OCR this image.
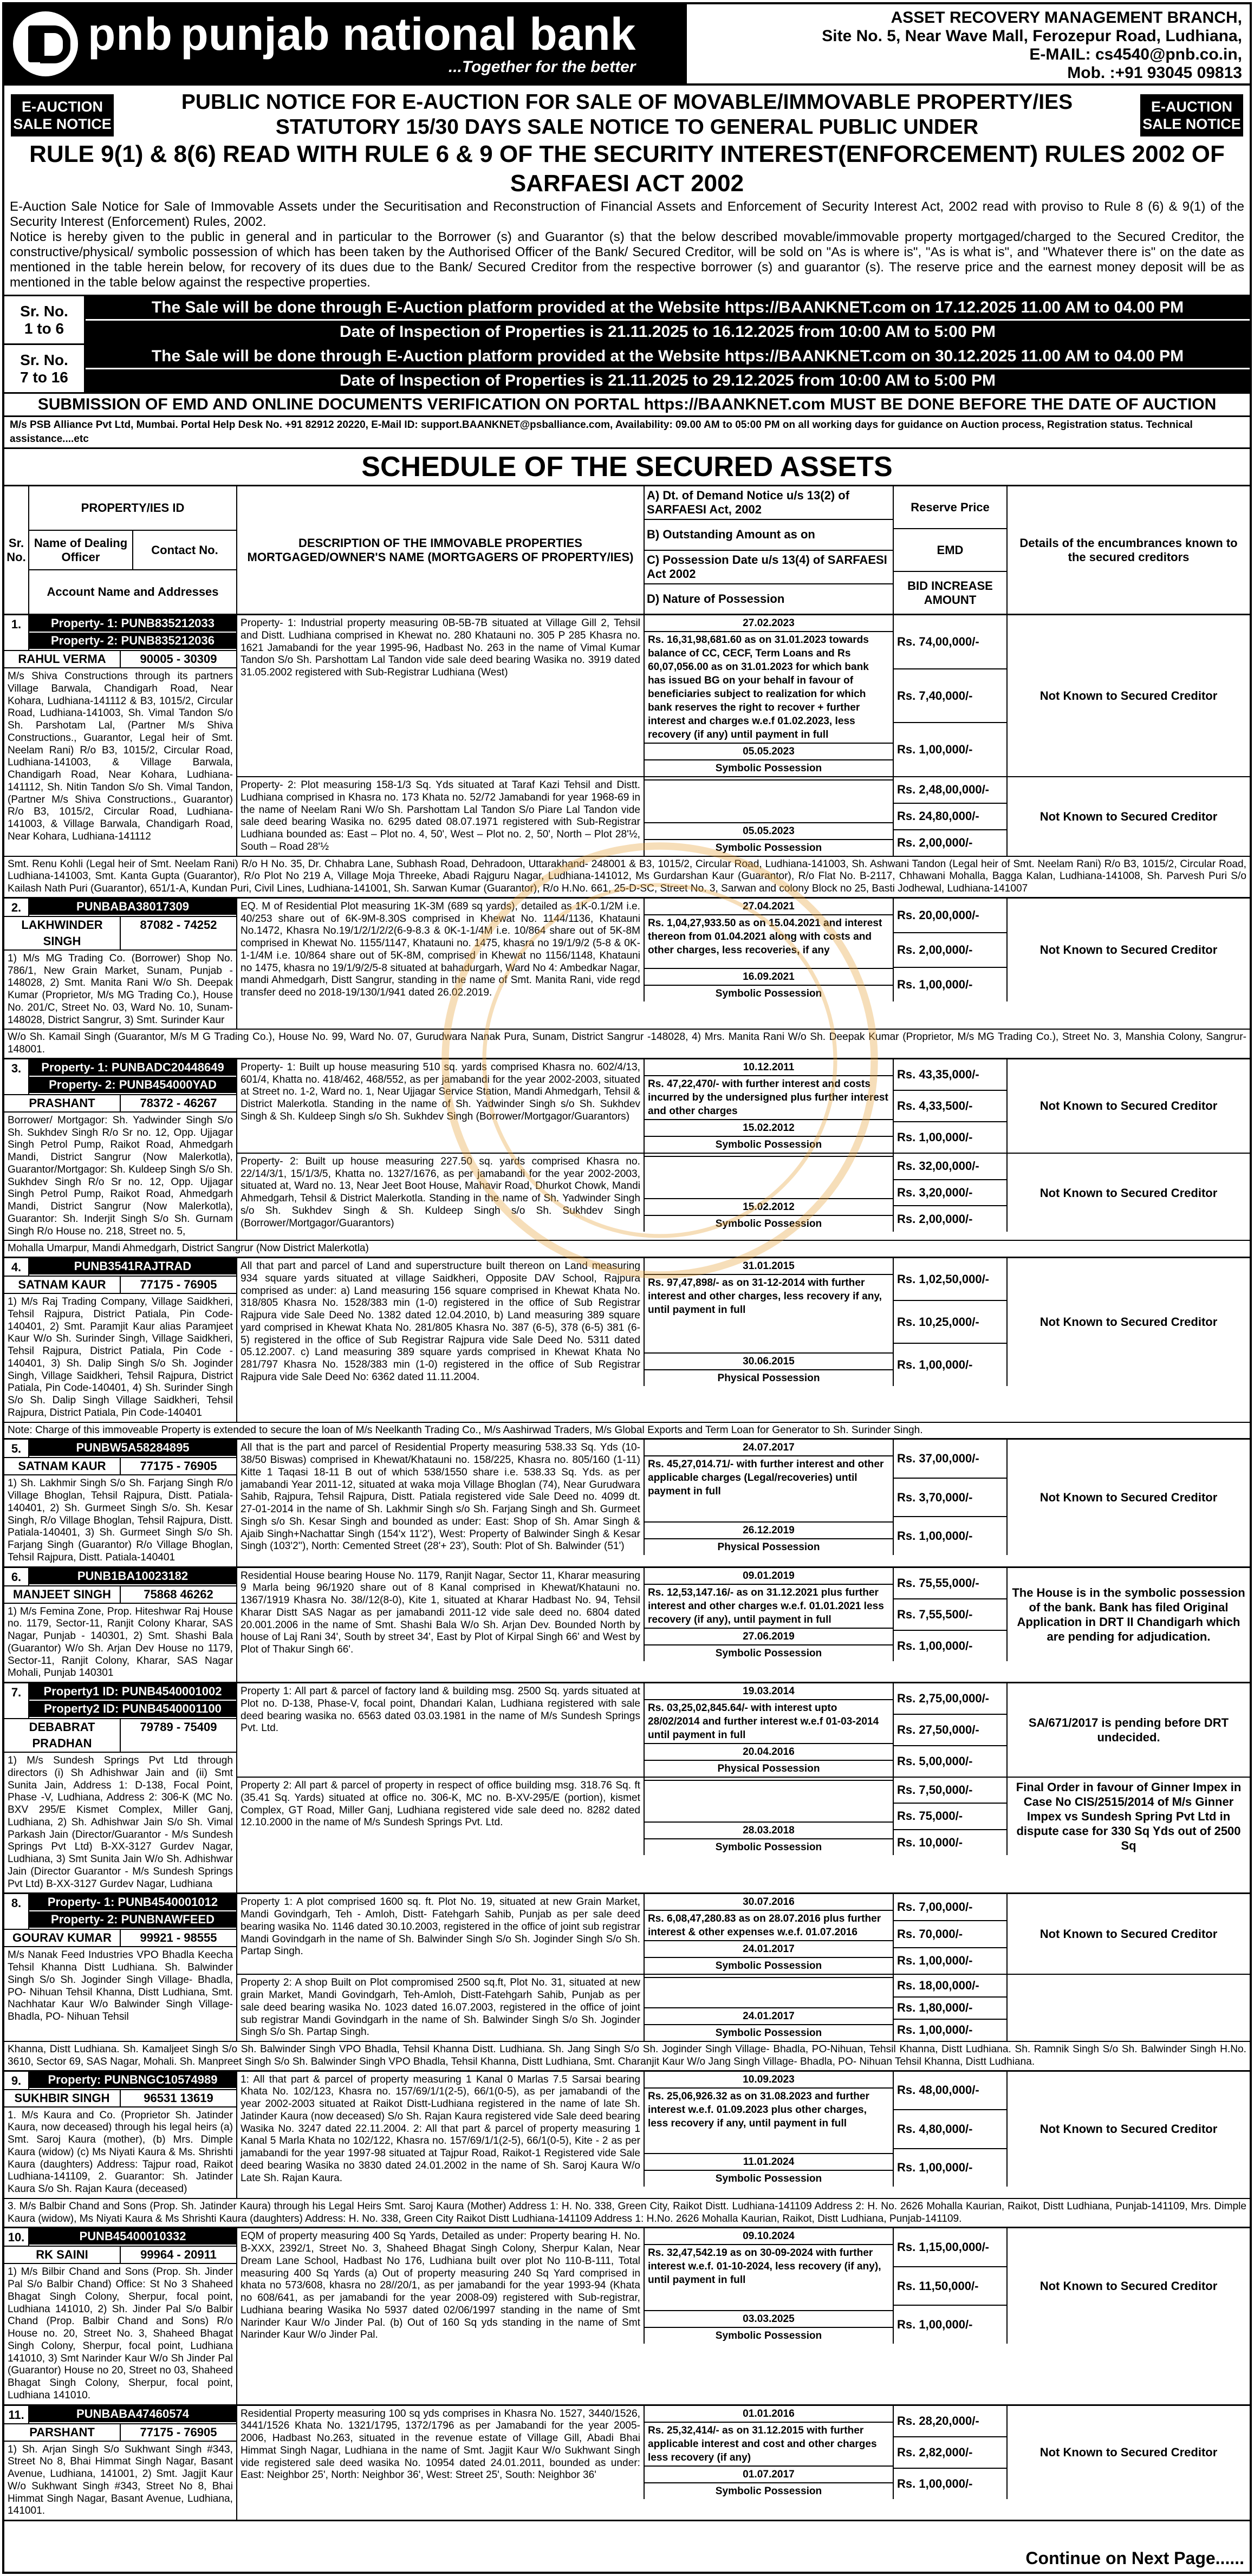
pnb punjab national bank
...Together for the better
ASSET RECOVERY MANAGEMENT BRANCH,
Site No. 5, Near Wave Mall, Ferozepur Road, Ludhiana,
E-MAIL: cs4540@pnb.co.in,
Mob. :+91 93045 09813
E-AUCTION
SALE NOTICE
E-AUCTION
SALE NOTICE
PUBLIC NOTICE FOR E-AUCTION FOR SALE OF MOVABLE/IMMOVABLE PROPERTY/IES
STATUTORY 15/30 DAYS SALE NOTICE TO GENERAL PUBLIC UNDER
RULE 9(1) & 8(6) READ WITH RULE 6 & 9 OF THE SECURITY INTEREST(ENFORCEMENT) RULES 2002 OF SARFAESI ACT 2002

E-Auction Sale Notice for Sale of Immovable Assets under the Securitisation and Reconstruction of Financial Assets and Enforcement of Security Interest Act, 2002 read with proviso to Rule 8 (6) & 9(1) of the Security Interest (Enforcement) Rules, 2002.

Notice is hereby given to the public in general and in particular to the Borrower (s) and Guarantor (s) that the below described movable/immovable property mortgaged/charged to the Secured Creditor, the constructive/physical/ symbolic possession of which has been taken by the Authorised Officer of the Bank/ Secured Creditor, will be sold on "As is where is", "As is what is", and "Whatever there is" on the date as mentioned in the table herein below, for recovery of its dues due to the Bank/ Secured Creditor from the respective borrower (s) and guarantor (s). The reserve price and the earnest money deposit will be as mentioned in the table below against the respective properties.

Sr. No.
1 to 6
The Sale will be done through E-Auction platform provided at the Website https://BAANKNET.com on 17.12.2025 11.00 AM to 04.00 PM
Date of Inspection of Properties is 21.11.2025 to 16.12.2025 from 10:00 AM to 5:00 PM
Sr. No.
7 to 16
The Sale will be done through E-Auction platform provided at the Website https://BAANKNET.com on 30.12.2025 11.00 AM to 04.00 PM
Date of Inspection of Properties is 21.11.2025 to 29.12.2025 from 10:00 AM to 5:00 PM
SUBMISSION OF EMD AND ONLINE DOCUMENTS VERIFICATION ON PORTAL https://BAANKNET.com MUST BE DONE BEFORE THE DATE OF AUCTION
M/s PSB Alliance Pvt Ltd, Mumbai. Portal Help Desk No. +91 82912 20220, E-Mail ID: support.BAANKNET@psballiance.com, Availability: 09.00 AM to 05:00 PM on all working days for guidance on Auction process, Registration status. Technical assistance....etc
SCHEDULE OF THE SECURED ASSETS
Sr. No.
PROPERTY/IES ID
Name of Dealing Officer
Contact No.
Account Name and Addresses
DESCRIPTION OF THE IMMOVABLE PROPERTIES MORTGAGED/OWNER'S NAME (MORTGAGERS OF PROPERTY/IES)
A) Dt. of Demand Notice u/s 13(2) of SARFAESI Act, 2002
B) Outstanding Amount as on
C) Possession Date u/s 13(4) of SARFAESI Act 2002
D) Nature of Possession
Reserve Price
EMD
BID INCREASE AMOUNT
Details of the encumbrances known to the secured creditors
1.	Property- 1: PUNB835212033
Property- 2: PUNB835212036
RAHUL VERMA	90005 - 30309
M/s Shiva Constructions through its partners Village Barwala, Chandigarh Road, Near Kohara, Ludhiana-141112 & B3, 1015/2, Circular Road, Ludhiana-141003, Sh. Vimal Tandon S/o Sh. Parshotam Lal, (Partner M/s Shiva Constructions., Guarantor, Legal heir of Smt. Neelam Rani) R/o B3, 1015/2, Circular Road, Ludhiana-141003, & Village Barwala, Chandigarh Road, Near Kohara, Ludhiana-141112, Sh. Nitin Tandon S/o Sh. Vimal Tandon, (Partner M/s Shiva Constructions., Guarantor) R/o B3, 1015/2, Circular Road, Ludhiana-141003, & Village Barwala, Chandigarh Road, Near Kohara, Ludhiana-141112
Property- 1: Industrial property measuring 0B-5B-7B situated at Village Gill 2, Tehsil and Distt. Ludhiana comprised in Khewat no. 280 Khatauni no. 305 P 285 Khasra no. 1621 Jamabandi for the year 1995-96, Hadbast No. 263 in the name of Vimal Kumar Tandon S/o Sh. Parshottam Lal Tandon vide sale deed bearing Wasika no. 3919 dated 31.05.2002 registered with Sub-Registrar Ludhiana (West)
27.02.2023
Rs. 16,31,98,681.60 as on 31.01.2023 towards balance of CC, CECF, Term Loans and Rs 60,07,056.00 as on 31.01.2023 for which bank has issued BG on your behalf in favour of beneficiaries subject to realization for which bank reserves the right to recover + further interest and charges w.e.f 01.02.2023, less recovery (if any) until payment in full
05.05.2023
Symbolic Possession
Rs. 74,00,000/-
Rs. 7,40,000/-
Rs. 1,00,000/-
Not Known to Secured Creditor
Property- 2: Plot measuring 158-1/3 Sq. Yds situated at Taraf Kazi Tehsil and Distt. Ludhiana comprised in Khasra no. 173 Khata no. 52/72 Jamabandi for year 1968-69 in the name of Neelam Rani W/o Sh. Parshottam Lal Tandon S/o Piare Lal Tandon vide sale deed bearing Wasika no. 6295 dated 08.07.1971 registered with Sub-Registrar Ludhiana bounded as: East – Plot no. 4, 50', West – Plot no. 2, 50', North – Plot 28'½, South – Road 28'½
05.05.2023
Symbolic Possession
Rs. 2,48,00,000/-
Rs. 24,80,000/-
Rs. 2,00,000/-
Not Known to Secured Creditor
Smt. Renu Kohli (Legal heir of Smt. Neelam Rani) R/o H No. 35, Dr. Chhabra Lane, Subhash Road, Dehradoon, Uttarakhand- 248001 & B3, 1015/2, Circular Road, Ludhiana-141003, Sh. Ashwani Tandon (Legal heir of Smt. Neelam Rani) R/o B3, 1015/2, Circular Road, Ludhiana-141003, Smt. Kanta Gupta (Guarantor), R/o Plot No 219 A, Village Moja Threeke, Abadi Rajguru Nagar, Ludhiana-141012, Ms Gurdarshan Kaur (Guarantor), R/o Flat No. B-2117, Chhawani Mohalla, Bagga Kalan, Ludhiana-141008, Sh. Parvesh Puri S/o Kailash Nath Puri (Guarantor), 651/1-A, Kundan Puri, Civil Lines, Ludhiana-141001, Sh. Sarwan Kumar (Guarantor), R/o H.No. 661, 25-D-SC, Street No. 3, Sarwan and colony Block no 25, Basti Jodhewal, Ludhiana-141007
2.	PUNBABA38017309
LAKHWINDER SINGH
87082 - 74252
1) M/s MG Trading Co. (Borrower) Shop No. 786/1, New Grain Market, Sunam, Punjab - 148028, 2) Smt. Manita Rani W/o Sh. Deepak Kumar (Proprietor, M/s MG Trading Co.), House No. 201/C, Street No. 03, Ward No. 10, Sunam-148028, District Sangrur, 3) Smt. Surinder Kaur
EQ. M of Residential Plot measuring 1K-3M (689 sq yards), detailed as 1K-0.1/2M i.e. 40/253 share out of 6K-9M-8.30S comprised in Khewat No. 1144/1136, Khatauni No.1472, Khasra No.19/1/2/1/2/2(6-9-8.3 & 0K-1-1/4M i.e. 10/864 share out of 5K-8M comprised in Khewat No. 1155/1147, Khatauni no. 1475, khasra no 19/1/9/2 (5-8 & 0K-1-1/4M i.e. 10/864 share out of 5K-8M, comprised in Khewat no 1156/1148, Khatauni no 1475, khasra no 19/1/9/2/5-8 situated at bahadurgarh, Ward No 4: Ambedkar Nagar, mandi Ahmedgarh, Distt Sangrur, standing in the name of Smt. Manita Rani, vide regd transfer deed no 2018-19/130/1/941 dated 26.02.2019.
27.04.2021
Rs. 1,04,27,933.50 as on 15.04.2021 and interest thereon from 01.04.2021 along with costs and other charges, less recoveries, if any
16.09.2021
Symbolic Possession
Rs. 20,00,000/-
Rs. 2,00,000/-
Rs. 1,00,000/-
Not Known to Secured Creditor
W/o Sh. Kamail Singh (Guarantor, M/s M G Trading Co.), House No. 99, Ward No. 07, Gurudwara Nanak Pura, Sunam, District Sangrur -148028, 4) Mrs. Manita Rani W/o Sh. Deepak Kumar (Proprietor, M/s MG Trading Co.), Street No. 3, Manshia Colony, Sangrur-148001.
3.	Property- 1: PUNBADC20448649
Property- 2: PUNB454000YAD
PRASHANT	78372 - 46267
Borrower/ Mortgagor: Sh. Yadwinder Singh S/o Sh. Sukhdev Singh R/o Sr no. 12, Opp. Ujjagar Singh Petrol Pump, Raikot Road, Ahmedgarh Mandi, District Sangrur (Now Malerkotla), Guarantor/Mortgagor: Sh. Kuldeep Singh S/o Sh. Sukhdev Singh R/o Sr no. 12, Opp. Ujjagar Singh Petrol Pump, Raikot Road, Ahmedgarh Mandi, District Sangrur (Now Malerkotla), Guarantor: Sh. Inderjit Singh S/o Sh. Gurnam Singh R/o House no. 218, Street no. 5,
Property- 1: Built up house measuring 510 sq. yards comprised Khasra no. 602/4/13, 601/4, Khatta no. 418/462, 468/552, as per jamabandi for the year 2002-2003, situated at Street no. 1-2, Ward no. 1, Near Ujjagar Service Station, Mandi Ahmedgarh, Tehsil & District Malerkotla. Standing in the name of Sh. Yadwinder Singh s/o Sh. Sukhdev Singh & Sh. Kuldeep Singh s/o Sh. Sukhdev Singh (Borrower/Mortgagor/Guarantors)
10.12.2011
Rs. 47,22,470/- with further interest and costs incurred by the undersigned plus further interest and other charges
15.02.2012
Symbolic Possession
Rs. 43,35,000/-
Rs. 4,33,500/-
Rs. 1,00,000/-
Not Known to Secured Creditor
Property- 2: Built up house measuring 227.50 sq. yards comprised Khasra no. 22/14/3/1, 15/1/3/5, Khatta no. 1327/1676, as per jamabandi for the year 2002-2003, situated at, Ward no. 13, Near Jeet Boot House, Mahavir Road, Dhurkot Chowk, Mandi Ahmedgarh, Tehsil & District Malerkotla. Standing in the name of Sh. Yadwinder Singh s/o Sh. Sukhdev Singh & Sh. Kuldeep Singh s/o Sh. Sukhdev Singh (Borrower/Mortgagor/Guarantors)
15.02.2012
Symbolic Possession
Rs. 32,00,000/-
Rs. 3,20,000/-
Rs. 2,00,000/-
Not Known to Secured Creditor
Mohalla Umarpur, Mandi Ahmedgarh, District Sangrur (Now District Malerkotla)
4.	PUNB3541RAJTRAD
SATNAM KAUR	77175 - 76905
1) M/s Raj Trading Company, Village Saidkheri, Tehsil Rajpura, District Patiala, Pin Code-140401, 2) Smt. Paramjit Kaur alias Paramjeet Kaur W/o Sh. Surinder Singh, Village Saidkheri, Tehsil Rajpura, District Patiala, Pin Code - 140401, 3) Sh. Dalip Singh S/o Sh. Joginder Singh, Village Saidkheri, Tehsil Rajpura, District Patiala, Pin Code-140401, 4) Sh. Surinder Singh S/o Sh. Dalip Singh Village Saidkheri, Tehsil Rajpura, District Patiala, Pin Code-140401
All that part and parcel of Land and superstructure built thereon on Land measuring 934 square yards situated at village Saidkheri, Opposite DAV School, Rajpura comprised as under: a) Land measuring 156 square comprised in Khewat Khata No. 318/805 Khasra No. 1528/383 min (1-0) registered in the office of Sub Registrar Rajpura vide Sale Deed No. 1382 dated 12.04.2010, b) Land measuring 389 square yard comprised in Khewat Khata No. 281/805 Khasra No. 387 (6-5), 378 (6-5) 381 (6-5) registered in the office of Sub Registrar Rajpura vide Sale Deed No. 5311 dated 05.12.2007. c) Land measuring 389 square yards comprised in Khewat Khata No 281/797 Khasra No. 1528/383 min (1-0) registered in the office of Sub Registrar Rajpura vide Sale Deed No: 6362 dated 11.11.2004.
31.01.2015
Rs. 97,47,898/- as on 31-12-2014 with further interest and other charges, less recovery if any, until payment in full
30.06.2015
Physical Possession
Rs. 1,02,50,000/-
Rs. 10,25,000/-
Rs. 1,00,000/-
Not Known to Secured Creditor
Note: Charge of this immoveable Property is extended to secure the loan of M/s Neelkanth Trading Co., M/s Aashirwad Traders, M/s Global Exports and Term Loan for Generator to Sh. Surinder Singh.
5.	PUNBW5A58284895
SATNAM KAUR	77175 - 76905
1) Sh. Lakhmir Singh S/o Sh. Farjang Singh R/o Village Bhoglan, Tehsil Rajpura, Distt. Patiala-140401, 2) Sh. Gurmeet Singh S/o. Sh. Kesar Singh, R/o Village Bhoglan, Tehsil Rajpura, Distt. Patiala-140401, 3) Sh. Gurmeet Singh S/o Sh. Farjang Singh (Guarantor) R/o Village Bhoglan, Tehsil Rajpura, Distt. Patiala-140401
All that is the part and parcel of Residential Property measuring 538.33 Sq. Yds (10-38/50 Biswas) comprised in Khewat/Khatauni no. 158/225, Khasra no. 805/160 (1-11) Kitte 1 Taqasi 18-11 B out of which 538/1550 share i.e. 538.33 Sq. Yds. as per jamabandi Year 2011-12, situated at waka moja Village Bhoglan (74), Near Gurudwara Sahib, Rajpura, Tehsil Rajpura, Distt. Patiala registered vide Sale Deed no. 4099 dt. 27-01-2014 in the name of Sh. Lakhmir Singh s/o Sh. Farjang Singh and Sh. Gurmeet Singh s/o Sh. Kesar Singh and bounded as under: East: Shop of Sh. Amar Singh & Ajaib Singh+Nachattar Singh (154'x 11'2'), West: Property of Balwinder Singh & Kesar Singh (103'2''), North: Cemented Street (28'+ 23'), South: Plot of Sh. Balwinder (51')
24.07.2017
Rs. 45,27,014.71/- with further interest and other applicable charges (Legal/recoveries) until payment in full
26.12.2019
Physical Possession
Rs. 37,00,000/-
Rs. 3,70,000/-
Rs. 1,00,000/-
Not Known to Secured Creditor
6.	PUNB1BA10023182
MANJEET SINGH	75868 46262
1) M/s Femina Zone, Prop. Hiteshwar Raj House no. 1179, Sector-11, Ranjit Colony Kharar, SAS Nagar, Punjab - 140301, 2) Smt. Shashi Bala (Guarantor) W/o Sh. Arjan Dev House no 1179, Sector-11, Ranjit Colony, Kharar, SAS Nagar Mohali, Punjab 140301
Residential House bearing House No. 1179, Ranjit Nagar, Sector 11, Kharar measuring 9 Marla being 96/1920 share out of 8 Kanal comprised in Khewat/Khatauni no. 1367/1919 Khasra No. 38//12(8-0), Kite 1, situated at Kharar Hadbast No. 94, Tehsil Kharar Distt SAS Nagar as per jamabandi 2011-12 vide sale deed no. 6804 dated 20.001.2006 in the name of Smt. Shashi Bala W/o Sh. Arjan Dev. Bounded North by house of Laj Rani 34', South by street 34', East by Plot of Kirpal Singh 66' and West by Plot of Thakur Singh 66'.
09.01.2019
Rs. 12,53,147.16/- as on 31.12.2021 plus further interest and other charges w.e.f. 01.01.2021 less recovery (if any), until payment in full
27.06.2019
Symbolic Possession
Rs. 75,55,000/-
Rs. 7,55,500/-
Rs. 1,00,000/-
The House is in the symbolic possession of the bank. Bank has filed Original Application in DRT II Chandigarh which are pending for adjudication.
7.	Property1 ID: PUNB4540001002
Property2 ID: PUNB4540001100
DEBABRAT PRADHAN
79789 - 75409
1) M/s Sundesh Springs Pvt Ltd through directors (i) Sh Adhishwar Jain and (ii) Smt Sunita Jain, Address 1: D-138, Focal Point, Phase -V, Ludhiana, Address 2: 306-K (MC No. BXV 295/E Kismet Complex, Miller Ganj, Ludhiana, 2) Sh. Adhishwar Jain S/o Sh. Vimal Parkash Jain (Director/Guarantor - M/s Sundesh Springs Pvt Ltd) B-XX-3127 Gurdev Nagar, Ludhiana, 3) Smt Sunita Jain W/o Sh. Adhishwar Jain (Director Guarantor - M/s Sundesh Springs Pvt Ltd) B-XX-3127 Gurdev Nagar, Ludhiana
Property 1: All part & parcel of factory land & building msg. 2500 Sq. yards situated at Plot no. D-138, Phase-V, focal point, Dhandari Kalan, Ludhiana registered with sale deed bearing wasika no. 6563 dated 03.03.1981 in the name of M/s Sundesh Springs Pvt. Ltd.
19.03.2014
Rs. 03,25,02,845.64/- with interest upto 28/02/2014 and further interest w.e.f 01-03-2014 until payment in full
20.04.2016
Physical Possession
Rs. 2,75,00,000/-
Rs. 27,50,000/-
Rs. 5,00,000/-
SA/671/2017 is pending before DRT undecided.
Property 2: All part & parcel of property in respect of office building msg. 318.76 Sq. ft (35.41 Sq. Yards) situated at office no. 306-K, MC no. B-XV-295/E (portion), kismet Complex, GT Road, Miller Ganj, Ludhiana registered vide sale deed no. 8282 dated 12.10.2000 in the name of M/s Sundesh Springs Pvt. Ltd.
28.03.2018
Symbolic Possession
Rs. 7,50,000/-
Rs. 75,000/-
Rs. 10,000/-
Final Order in favour of Ginner Impex in Case No CIS/2515/2014 of M/s Ginner Impex vs Sundesh Spring Pvt Ltd in dispute case for 330 Sq Yds out of 2500 Sq
8.	Property- 1: PUNB4540001012
Property- 2: PUNBNAWFEED
GOURAV KUMAR	99921 - 98555
M/s Nanak Feed Industries VPO Bhadla Keecha Tehsil Khanna Distt Ludhiana. Sh. Balwinder Singh S/o Sh. Joginder Singh Village- Bhadla, PO- Nihuan Tehsil Khanna, Distt Ludhiana, Smt. Nachhatar Kaur W/o Balwinder Singh Village- Bhadla, PO- Nihuan Tehsil
Property 1: A plot comprised 1600 sq. ft. Plot No. 19, situated at new Grain Market, Mandi Govindgarh, Teh - Amloh, Distt- Fatehgarh Sahib, Punjab as per sale deed bearing wasika No. 1146 dated 30.10.2003, registered in the office of joint sub registrar Mandi Govindgarh in the name of Sh. Balwinder Singh S/o Sh. Joginder Singh S/o Sh. Partap Singh.
30.07.2016
Rs. 6,08,47,280.83 as on 28.07.2016 plus further interest & other expenses w.e.f. 01.07.2016
24.01.2017
Symbolic Possession
Rs. 7,00,000/-
Rs. 70,000/-
Rs. 1,00,000/-
Not Known to Secured Creditor
Property 2: A shop Built on Plot compromised 2500 sq.ft, Plot No. 31, situated at new grain Market, Mandi Govindgarh, Teh-Amloh, Distt-Fatehgarh Sahib, Punjab as per sale deed bearing wasika No. 1023 dated 16.07.2003, registered in the office of joint sub registrar Mandi Govindgarh in the name of Sh. Balwinder Singh S/o Sh. Joginder Singh S/o Sh. Partap Singh.
24.01.2017
Symbolic Possession
Rs. 18,00,000/-
Rs. 1,80,000/-
Rs. 1,00,000/-
Khanna, Distt Ludhiana. Sh. Kamaljeet Singh S/o Sh. Balwinder Singh VPO Bhadla, Tehsil Khanna Distt. Ludhiana. Sh. Jang Singh S/o Sh. Joginder Singh Village- Bhadla, PO-Nihuan, Tehsil Khanna, Distt Ludhiana. Sh. Ramnik Singh S/o Sh. Balwinder Singh H.No. 3610, Sector 69, SAS Nagar, Mohali. Sh. Manpreet Singh S/o Sh. Balwinder Singh VPO Bhadla, Tehsil Khanna, Distt Ludhiana, Smt. Charanjit Kaur W/o Jang Singh Village- Bhadla, PO- Nihuan Tehsil Khanna, Distt Ludhiana.
9.	Property: PUNBNGC10574989
SUKHBIR SINGH	96531 13619
1. M/s Kaura and Co. (Proprietor Sh. Jatinder Kaura, now deceased) through his legal heirs (a) Smt. Saroj Kaura (mother), (b) Mrs. Dimple Kaura (widow) (c) Ms Niyati Kaura & Ms. Shrishti Kaura (daughters) Address: Tajpur road, Raikot Ludhiana-141109, 2. Guarantor: Sh. Jatinder Kaura S/o Sh. Rajan Kaura (deceased)
1: All that part & parcel of property measuring 1 Kanal 0 Marlas 7.5 Sarsai bearing Khata No. 102/123, Khasra no. 157/69/1/1(2-5), 66/1(0-5), as per jamabandi of the year 2002-2003 situated at Raikot Distt-Ludhiana registered in the name of late Sh. Jatinder Kaura (now deceased) S/o Sh. Rajan Kaura registered vide Sale deed bearing Wasika No. 3247 dated 22.11.2004. 2: All that part & parcel of property measuring 1 Kanal 5 Marla Khata no 102/122, Khasra no. 157/69/1/1(2-5), 66/1(0-5), Kite - 2 as per jamabandi for the year 1997-98 situated at Tajpur Road, Raikot-1 Registered vide Sale deed bearing Wasika no 3830 dated 24.01.2002 in the name of Sh. Saroj Kaura W/o Late Sh. Rajan Kaura.
10.09.2023
Rs. 25,06,926.32 as on 31.08.2023 and further interest w.e.f. 01.09.2023 plus other charges, less recovery if any, until payment in full
11.01.2024
Symbolic Possession
Rs. 48,00,000/-
Rs. 4,80,000/-
Rs. 1,00,000/-
Not Known to Secured Creditor
3. M/s Balbir Chand and Sons (Prop. Sh. Jatinder Kaura) through his Legal Heirs Smt. Saroj Kaura (Mother) Address 1: H. No. 338, Green City, Raikot Distt. Ludhiana-141109 Address 2: H. No. 2626 Mohalla Kaurian, Raikot, Distt Ludhiana, Punjab-141109, Mrs. Dimple Kaura (widow), Ms Niyati Kaura & Ms Shrishti Kaura (daughters) Address: H. No. 338, Green City Raikot Distt Ludhiana-141109 Address 1: H.No. 2626 Mohalla Kaurian, Raikot, Distt Ludhiana, Punjab-141109.
10.	PUNB45400010332
RK SAINI	99964 - 20911
1) M/s Bilbir Chand and Sons (Prop. Sh. Jinder Pal S/o Balbir Chand) Office: St No 3 Shaheed Bhagat Singh Colony, Sherpur, focal point, Ludhiana 141010, 2) Sh. Jinder Pal S/o Balbir Chand (Prop. Balbir Chand and Sons) R/o House no. 20, Street No. 3, Shaheed Bhagat Singh Colony, Sherpur, focal point, Ludhiana 141010, 3) Smt Narinder Kaur W/o Sh Jinder Pal (Guarantor) House no 20, Street no 03, Shaheed Bhagat Singh Colony, Sherpur, focal point, Ludhiana 141010.
EQM of property measuring 400 Sq Yards, Detailed as under: Property bearing H. No. B-XXX, 2392/1, Street No. 3, Shaheed Bhagat Singh Colony, Sherpur Kalan, Near Dream Lane School, Hadbast No 176, Ludhiana built over plot No 110-B-111, Total measuring 400 Sq Yards (a) Out of property measuring 240 Sq Yard comprised in khata no 573/608, khasra no 28//20/1, as per jamabandi for the year 1993-94 (Khata no 608/641, as per jamabandi for the year 2008-09) registered with Sub-registrar, Ludhiana bearing Wasika No 5937 dated 02/06/1997 standing in the name of Smt Narinder Kaur W/o Jinder Pal. (b) Out of 160 Sq yds standing in the name of Smt Narinder Kaur W/o Jinder Pal.
09.10.2024
Rs. 32,47,542.19 as on 30-09-2024 with further interest w.e.f. 01-10-2024, less recovery (if any), until payment in full
03.03.2025
Symbolic Possession
Rs. 1,15,00,000/-
Rs. 11,50,000/-
Rs. 1,00,000/-
Not Known to Secured Creditor
11.	PUNBABA47460574
PARSHANT	77175 - 76905
1) Sh. Arjan Singh S/o Sukhwant Singh #343, Street No 8, Bhai Himmat Singh Nagar, Basant Avenue, Ludhiana, 141001, 2) Smt. Jagjit Kaur W/o Sukhwant Singh #343, Street No 8, Bhai Himmat Singh Nagar, Basant Avenue, Ludhiana, 141001.
Residential Property measuring 100 sq yds comprises in Khasra No. 1527, 3440/1526, 3441/1526 Khata No. 1321/1795, 1372/1796 as per Jamabandi for the year 2005-2006, Hadbast No.263, situated in the revenue estate of Village Gill, Abadi Bhai Himmat Singh Nagar, Ludhiana in the name of Smt. Jagjit Kaur W/o Sukhwant Singh vide registered sale deed wasika No. 10954 dated 24.01.2011, bounded as under: East: Neighbor 25', North: Neighbor 36', West: Street 25', South: Neighbor 36'
01.01.2016
Rs. 25,32,414/- as on 31.12.2015 with further applicable interest and cost and other charges less recovery (if any)
01.07.2017
Symbolic Possession
Rs. 28,20,000/-
Rs. 2,82,000/-
Rs. 1,00,000/-
Not Known to Secured Creditor
Continue on Next Page......
